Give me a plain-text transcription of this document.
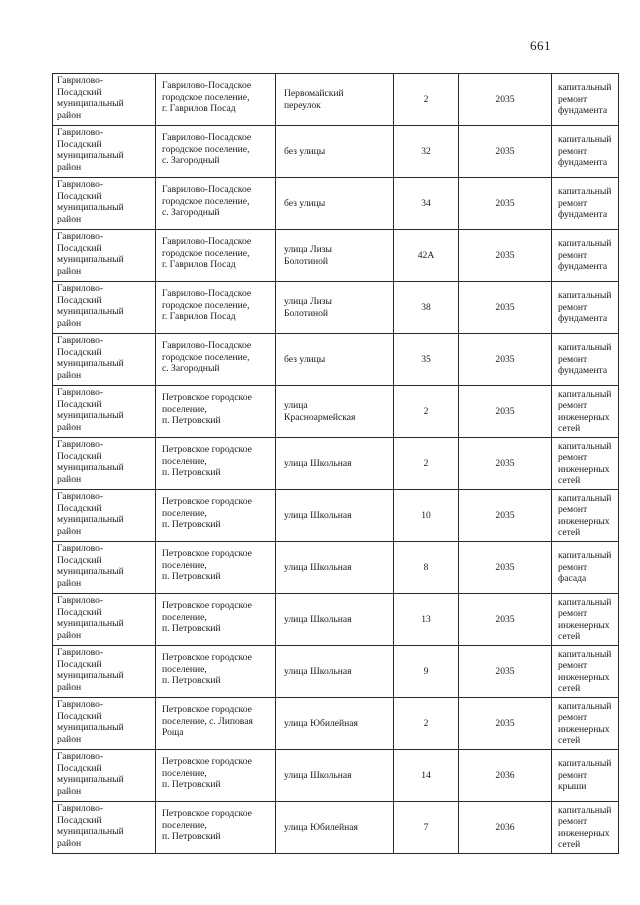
661
Гаврилово-
Посадский
муниципальный
район	Гаврилово-Посадское
городское поселение,
г. Гаврилов Посад	Первомайский
переулок	2	2035	капитальный
ремонт
фундамента

Гаврилово-
Посадский
муниципальный
район	Гаврилово-Посадское
городское поселение,
с. Загородный	без улицы	32	2035	капитальный
ремонт
фундамента

Гаврилово-
Посадский
муниципальный
район	Гаврилово-Посадское
городское поселение,
с. Загородный	без улицы	34	2035	капитальный
ремонт
фундамента

Гаврилово-
Посадский
муниципальный
район	Гаврилово-Посадское
городское поселение,
г. Гаврилов Посад	улица Лизы
Болотиной	42А	2035	капитальный
ремонт
фундамента

Гаврилово-
Посадский
муниципальный
район	Гаврилово-Посадское
городское поселение,
г. Гаврилов Посад	улица Лизы
Болотиной	38	2035	капитальный
ремонт
фундамента

Гаврилово-
Посадский
муниципальный
район	Гаврилово-Посадское
городское поселение,
с. Загородный	без улицы	35	2035	капитальный
ремонт
фундамента

Гаврилово-
Посадский
муниципальный
район	Петровское городское
поселение,
п. Петровский	улица
Красноармейская	2	2035	капитальный
ремонт
инженерных
сетей

Гаврилово-
Посадский
муниципальный
район	Петровское городское
поселение,
п. Петровский	улица Школьная	2	2035	капитальный
ремонт
инженерных
сетей

Гаврилово-
Посадский
муниципальный
район	Петровское городское
поселение,
п. Петровский	улица Школьная	10	2035	капитальный
ремонт
инженерных
сетей

Гаврилово-
Посадский
муниципальный
район	Петровское городское
поселение,
п. Петровский	улица Школьная	8	2035	капитальный
ремонт фасада

Гаврилово-
Посадский
муниципальный
район	Петровское городское
поселение,
п. Петровский	улица Школьная	13	2035	капитальный
ремонт
инженерных
сетей

Гаврилово-
Посадский
муниципальный
район	Петровское городское
поселение,
п. Петровский	улица Школьная	9	2035	капитальный
ремонт
инженерных
сетей

Гаврилово-
Посадский
муниципальный
район	Петровское городское
поселение, с. Липовая
Роща	улица Юбилейная	2	2035	капитальный
ремонт
инженерных
сетей

Гаврилово-
Посадский
муниципальный
район	Петровское городское
поселение,
п. Петровский	улица Школьная	14	2036	капитальный
ремонт крыши

Гаврилово-
Посадский
муниципальный
район	Петровское городское
поселение,
п. Петровский	улица Юбилейная	7	2036	капитальный
ремонт
инженерных
сетей
